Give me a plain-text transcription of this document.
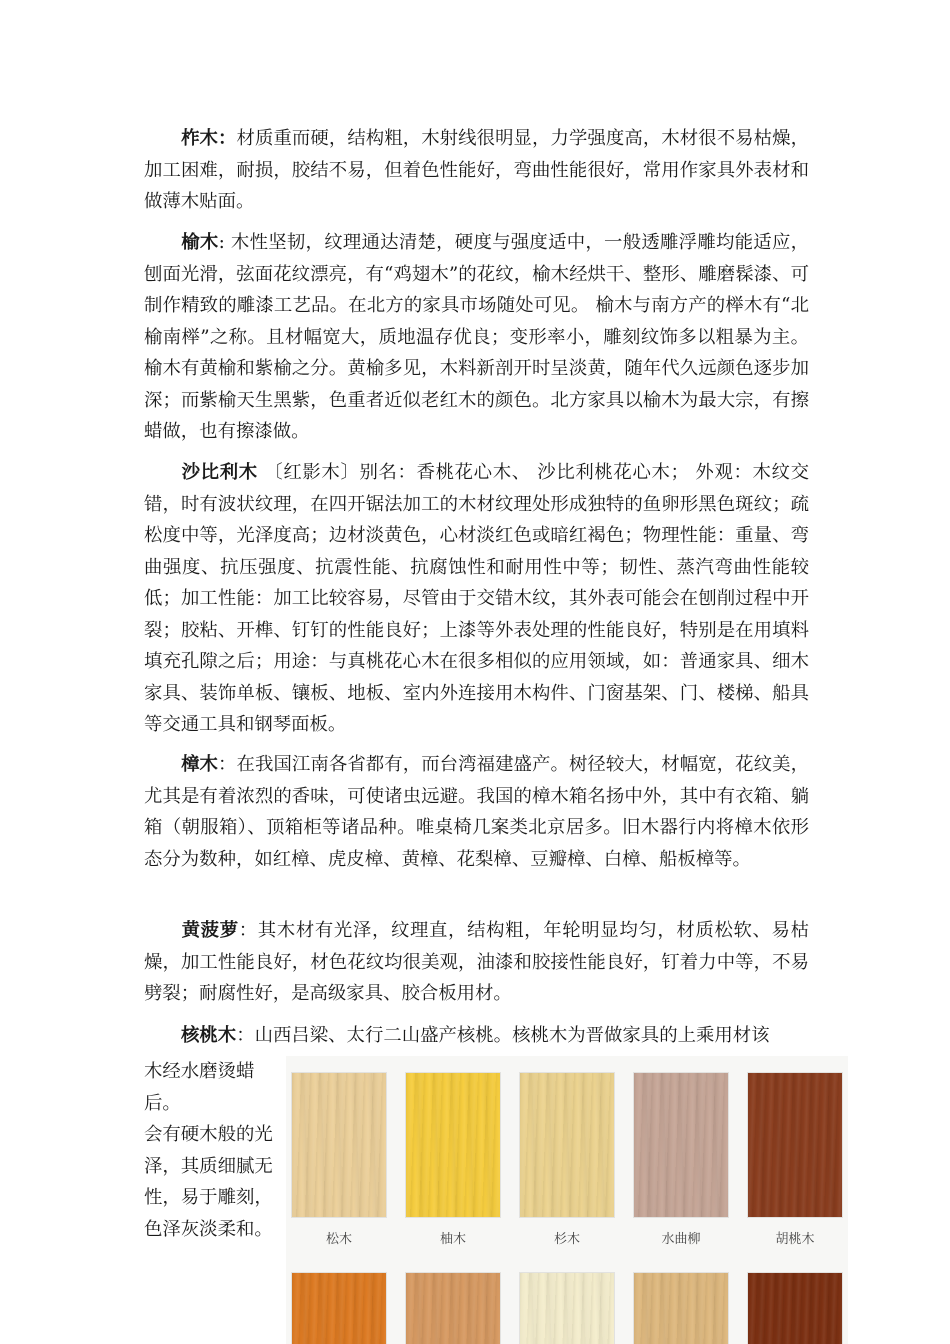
柞木：材质重而硬，结构粗，木射线很明显，力学强度高，木材很不易枯燥，加工困难，耐损，胶结不易，但着色性能好，弯曲性能很好，常用作家具外表材和做薄木贴面。

榆木: 木性坚韧，纹理通达清楚，硬度与强度适中，一般透雕浮雕均能适应，刨面光滑，弦面花纹漂亮，有“鸡翅木”的花纹，榆木经烘干、整形、雕磨髹漆、可制作精致的雕漆工艺品。在北方的家具市场随处可见。 榆木与南方产的榉木有“北榆南榉”之称。且材幅宽大，质地温存优良；变形率小，雕刻纹饰多以粗暴为主。 榆木有黄榆和紫榆之分。黄榆多见，木料新剖开时呈淡黄，随年代久远颜色逐步加深；而紫榆天生黑紫，色重者近似老红木的颜色。北方家具以榆木为最大宗，有擦蜡做，也有擦漆做。

沙比利木 〔红影木〕别名：香桃花心木、 沙比利桃花心木； 外观：木纹交错，时有波状纹理，在四开锯法加工的木材纹理处形成独特的鱼卵形黑色斑纹；疏松度中等，光泽度高；边材淡黄色，心材淡红色或暗红褐色；物理性能：重量、弯曲强度、抗压强度、抗震性能、抗腐蚀性和耐用性中等；韧性、蒸汽弯曲性能较低；加工性能：加工比较容易，尽管由于交错木纹，其外表可能会在刨削过程中开裂；胶粘、开榫、钉钉的性能良好；上漆等外表处理的性能良好，特别是在用填料填充孔隙之后；用途：与真桃花心木在很多相似的应用领域，如：普通家具、细木家具、装饰单板、镶板、地板、室内外连接用木构件、门窗基架、门、楼梯、船具等交通工具和钢琴面板。

樟木：在我国江南各省都有，而台湾福建盛产。树径较大，材幅宽，花纹美，尤其是有着浓烈的香味，可使诸虫远避。我国的樟木箱名扬中外，其中有衣箱、躺箱（朝服箱）、顶箱柜等诸品种。唯桌椅几案类北京居多。旧木器行内将樟木依形态分为数种，如红樟、虎皮樟、黄樟、花梨樟、豆瓣樟、白樟、船板樟等。

黄菠萝：其木材有光泽，纹理直，结构粗，年轮明显均匀，材质松软、易枯燥，加工性能良好，材色花纹均很美观，油漆和胶接性能良好，钉着力中等，不易劈裂；耐腐性好，是高级家具、胶合板用材。

核桃木：山西吕梁、太行二山盛产核桃。核桃木为晋做家具的上乘用材该

木经水磨烫蜡后。
会有硬木般的光
泽，其质细腻无
性，易于雕刻，
色泽灰淡柔和。	松木	柚木	杉木	水曲柳	胡桃木
